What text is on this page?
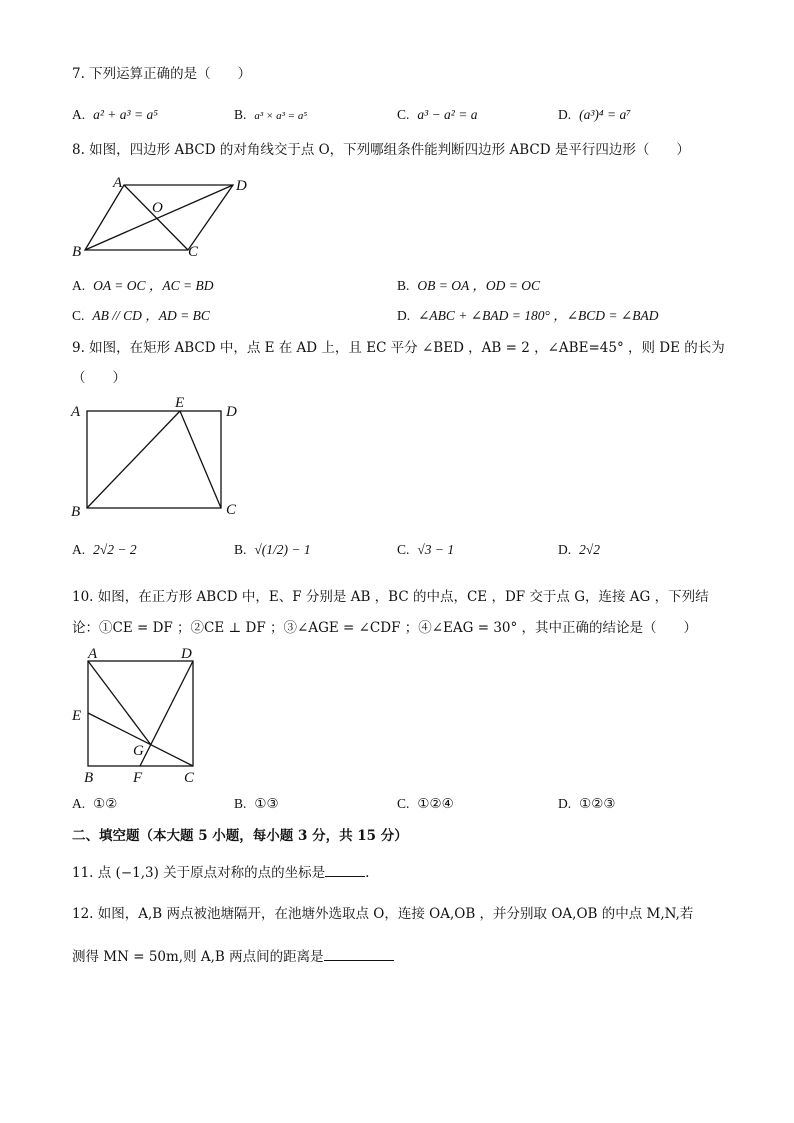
7. 下列运算正确的是（　　）
A. a² + a³ = a⁵	B. a³ × a³ = a⁵	C. a³ − a² = a	D. (a³)⁴ = a⁷
8. 如图，四边形 ABCD 的对角线交于点 O，下列哪组条件能判断四边形 ABCD 是平行四边形（　　）
A	D
B	C
O
A. OA = OC ，AC = BD	B. OB = OA ，OD = OC
C. AB // CD ，AD = BC	D. ∠ABC + ∠BAD = 180° ，∠BCD = ∠BAD
9. 如图，在矩形 ABCD 中，点 E 在 AD 上，且 EC 平分 ∠BED ，AB = 2 ，∠ABE=45° ，则 DE 的长为
（　　）
A
E
D
B	C
A. 2√2 − 2	B. √(1/2) − 1	C. √3 − 1	D. 2√2
10. 如图，在正方形 ABCD 中，E、F 分别是 AB ，BC 的中点，CE ，DF 交于点 G，连接 AG ，下列结
论：①CE = DF ；②CE ⊥ DF ；③∠AGE = ∠CDF ；④∠EAG = 30° ，其中正确的结论是（　　）
A	D
E
G
B	F	C
A. ①②	B. ①③	C. ①②④	D. ①②③
二、填空题（本大题 5 小题，每小题 3 分，共 15 分）
11. 点 (−1,3) 关于原点对称的点的坐标是	.
12. 如图，A,B 两点被池塘隔开，在池塘外选取点 O，连接 OA,OB ，并分别取 OA,OB 的中点 M,N,若
测得 MN = 50m,则 A,B 两点间的距离是
